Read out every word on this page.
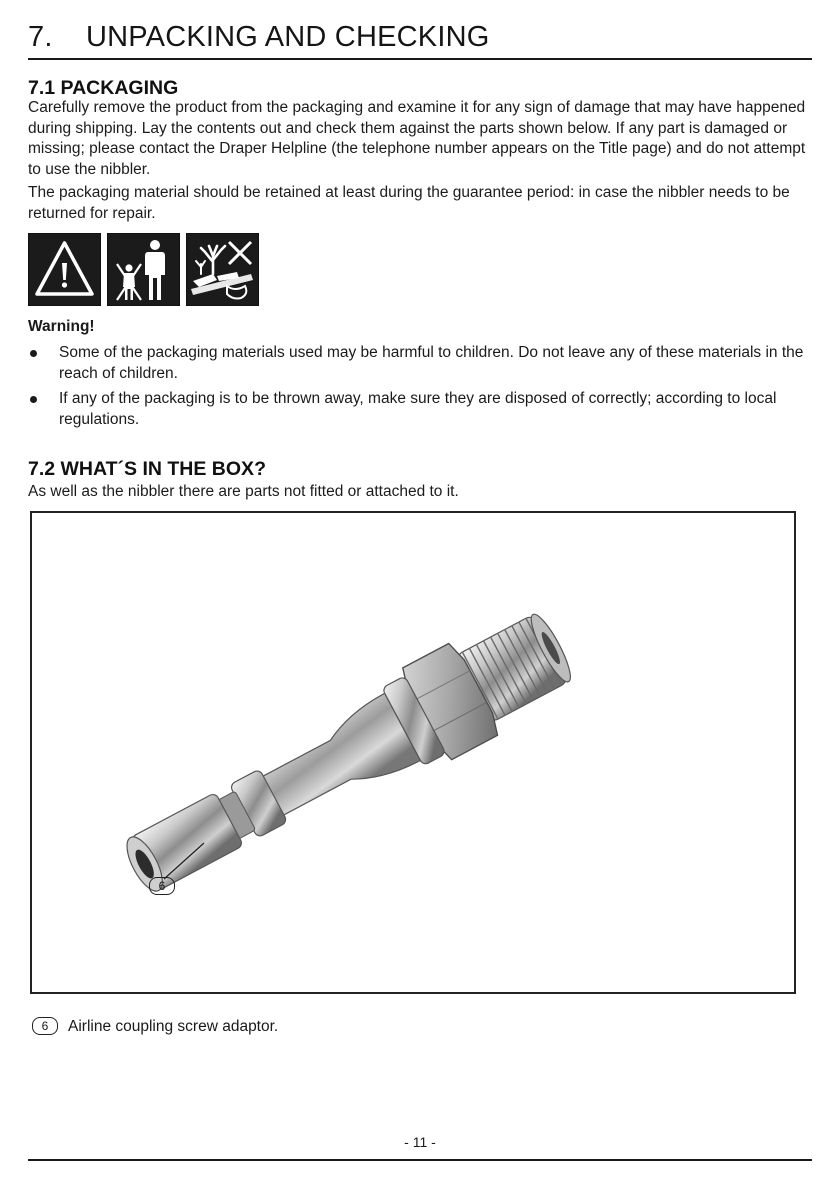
7. UNPACKING AND CHECKING
7.1 PACKAGING

Carefully remove the product from the packaging and examine it for any sign of damage that may have happened during shipping. Lay the contents out and check them against the parts shown below. If any part is damaged or missing; please contact the Draper Helpline (the telephone number appears on the Title page) and do not attempt to use the nibbler.

The packaging material should be retained at least during the guarantee period: in case the nibbler needs to be returned for repair.

Warning!
Some of the packaging materials used may be harmful to children. Do not leave any of these materials in the reach of children.
If any of the packaging is to be thrown away, make sure they are disposed of correctly; according to local regulations.
7.2 WHAT´S IN THE BOX?

As well as the nibbler there are parts not fitted or attached to it.

6
6 Airline coupling screw adaptor.
- 11 -
